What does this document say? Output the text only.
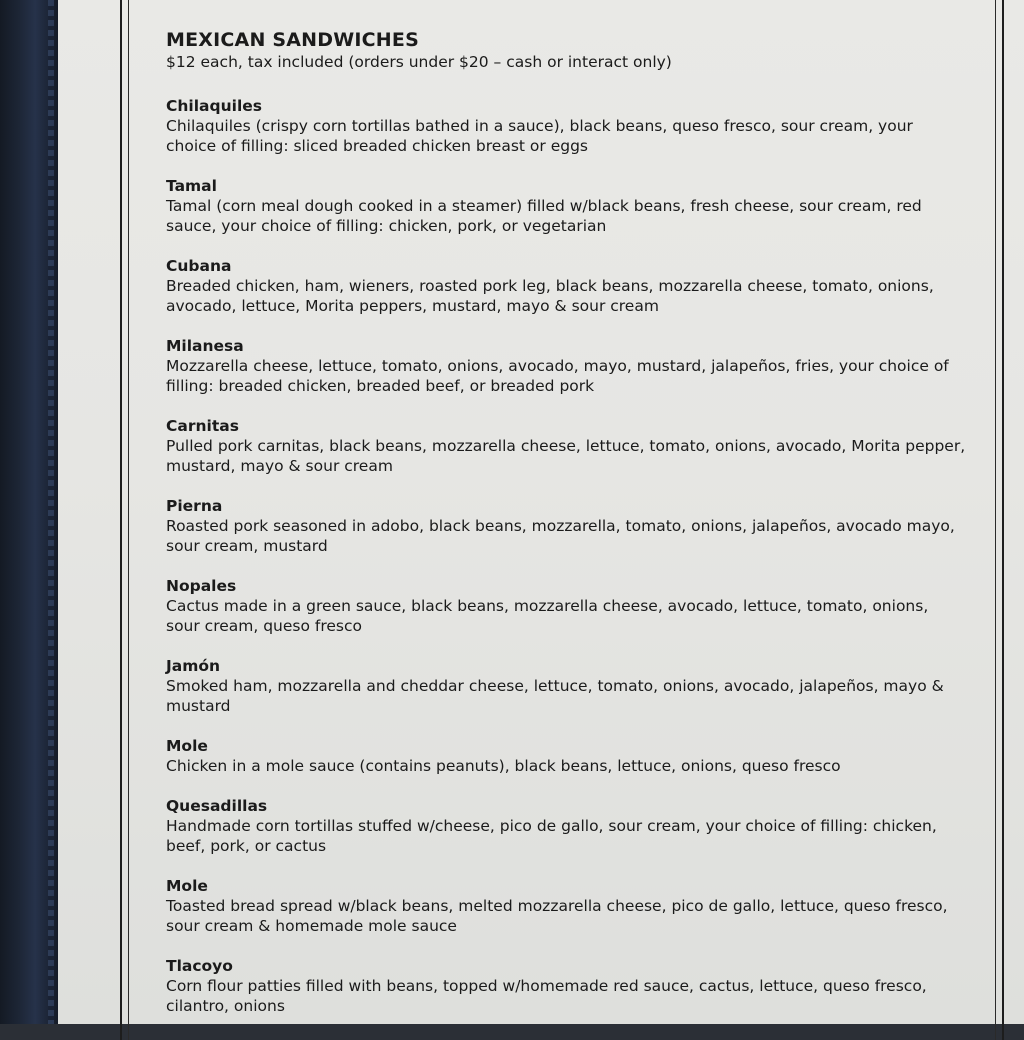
MEXICAN SANDWICHES

$12 each, tax included (orders under $20 – cash or interact only)

Chilaquiles

Chilaquiles (crispy corn tortillas bathed in a sauce), black beans, queso fresco, sour cream, your choice of filling: sliced breaded chicken breast or eggs

Tamal

Tamal (corn meal dough cooked in a steamer) filled w/black beans, fresh cheese, sour cream, red sauce, your choice of filling: chicken, pork, or vegetarian

Cubana

Breaded chicken, ham, wieners, roasted pork leg, black beans, mozzarella cheese, tomato, onions, avocado, lettuce, Morita peppers, mustard, mayo & sour cream

Milanesa

Mozzarella cheese, lettuce, tomato, onions, avocado, mayo, mustard, jalapeños, fries, your choice of filling: breaded chicken, breaded beef, or breaded pork

Carnitas

Pulled pork carnitas, black beans, mozzarella cheese, lettuce, tomato, onions, avocado, Morita pepper, mustard, mayo & sour cream

Pierna

Roasted pork seasoned in adobo, black beans, mozzarella, tomato, onions, jalapeños, avocado mayo, sour cream, mustard

Nopales

Cactus made in a green sauce, black beans, mozzarella cheese, avocado, lettuce, tomato, onions, sour cream, queso fresco

Jamón

Smoked ham, mozzarella and cheddar cheese, lettuce, tomato, onions, avocado, jalapeños, mayo & mustard

Mole

Chicken in a mole sauce (contains peanuts), black beans, lettuce, onions, queso fresco

Quesadillas

Handmade corn tortillas stuffed w/cheese, pico de gallo, sour cream, your choice of filling: chicken, beef, pork, or cactus

Mole

Toasted bread spread w/black beans, melted mozzarella cheese, pico de gallo, lettuce, queso fresco, sour cream & homemade mole sauce

Tlacoyo

Corn flour patties filled with beans, topped w/homemade red sauce, cactus, lettuce, queso fresco, cilantro, onions
